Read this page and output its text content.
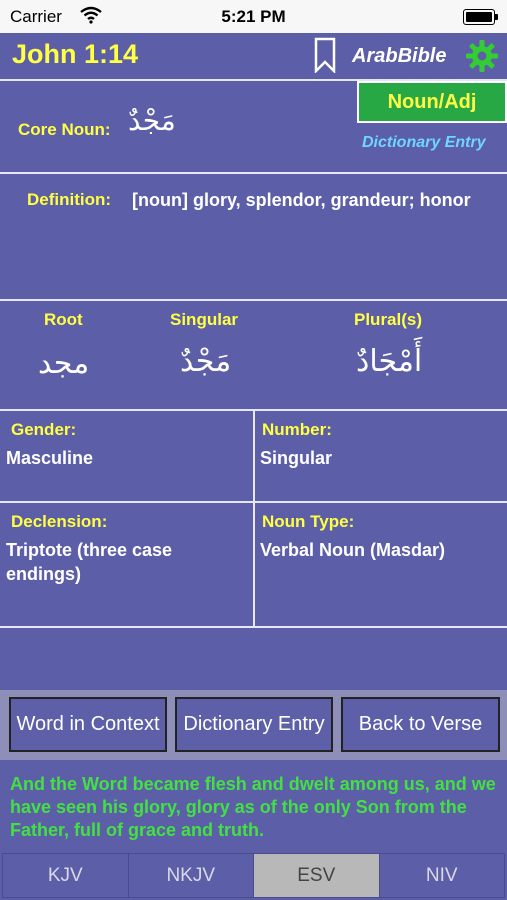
Carrier	5:21 PM
John 1:14	ArabBible
Core Noun: مَجْدٌ
Noun/Adj
Dictionary Entry
Definition: [noun] glory, splendor, grandeur; honor
Root	Singular	Plural(s)
مجد	مَجْدٌ	أَمْجَادٌ
Gender:
Masculine
Number:
Singular
Declension:
Triptote (three case endings)
Noun Type:
Verbal Noun (Masdar)
Word in Context	Dictionary Entry	Back to Verse
And the Word became flesh and dwelt among us, and we have seen his glory, glory as of the only Son from the Father, full of grace and truth.
KJV	NKJV	ESV	NIV
